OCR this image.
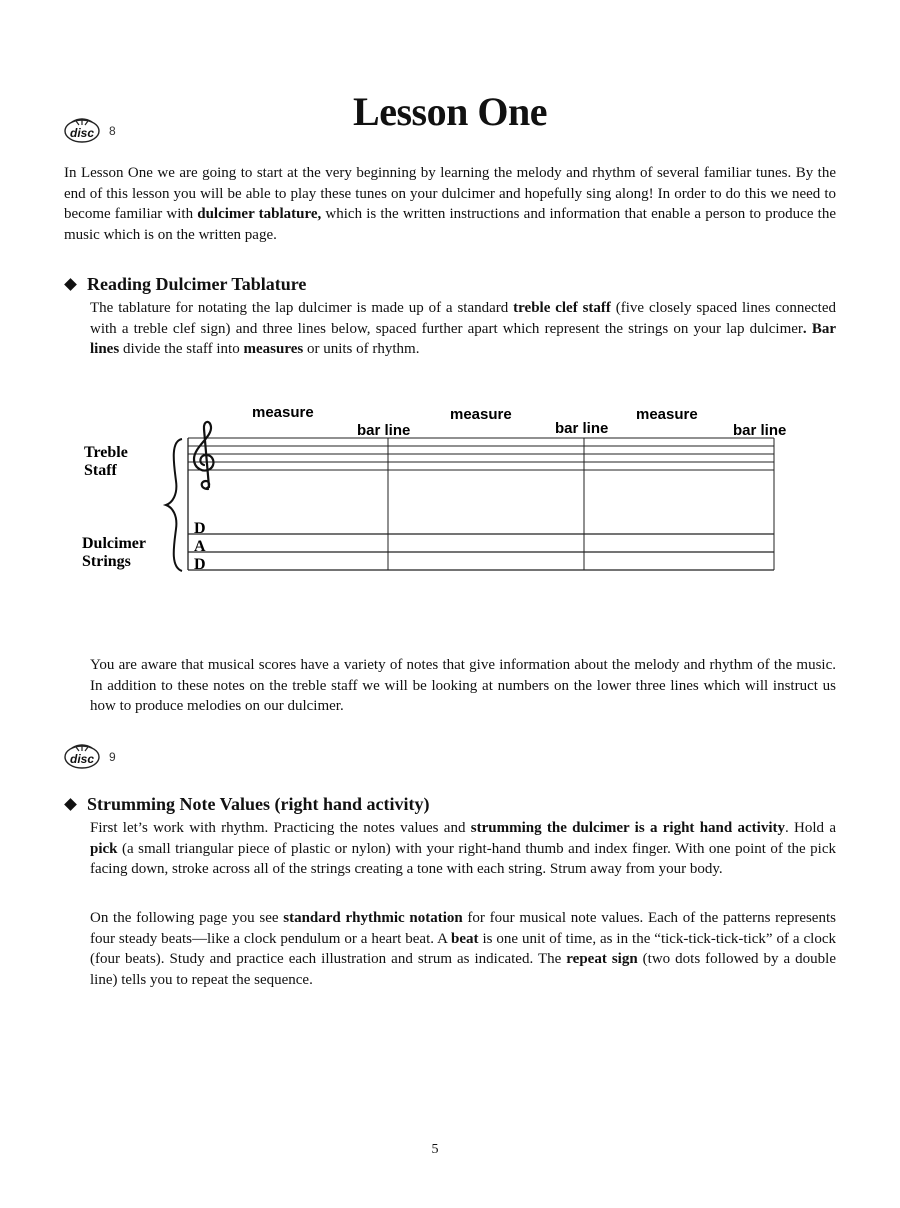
disc 8	Lesson One

In Lesson One we are going to start at the very beginning by learning the melody and rhythm of several familiar tunes. By the end of this lesson you will be able to play these tunes on your dulcimer and hopefully sing along! In order to do this we need to become familiar with dulcimer tablature, which is the written instructions and information that enable a person to produce the music which is on the written page.

Reading Dulcimer Tablature

The tablature for notating the lap dulcimer is made up of a standard treble clef staff (five closely spaced lines connected with a treble clef sign) and three lines below, spaced further apart which represent the strings on your lap dulcimer. Bar lines divide the staff into measures or units of rhythm.

measure	measure	measure
bar line	bar line	bar line
Treble
Staff
Dulcimer
Strings
D
A
D

You are aware that musical scores have a variety of notes that give information about the melody and rhythm of the music. In addition to these notes on the treble staff we will be looking at numbers on the lower three lines which will instruct us how to produce melodies on our dulcimer.

disc 9
Strumming Note Values (right hand activity)

First let’s work with rhythm. Practicing the notes values and strumming the dulcimer is a right hand activity. Hold a pick (a small triangular piece of plastic or nylon) with your right-hand thumb and index finger. With one point of the pick facing down, stroke across all of the strings creating a tone with each string. Strum away from your body.

On the following page you see standard rhythmic notation for four musical note values. Each of the patterns represents four steady beats—like a clock pendulum or a heart beat. A beat is one unit of time, as in the “tick-tick-tick-tick” of a clock (four beats). Study and practice each illustration and strum as indicated. The repeat sign (two dots followed by a double line) tells you to repeat the sequence.

5
